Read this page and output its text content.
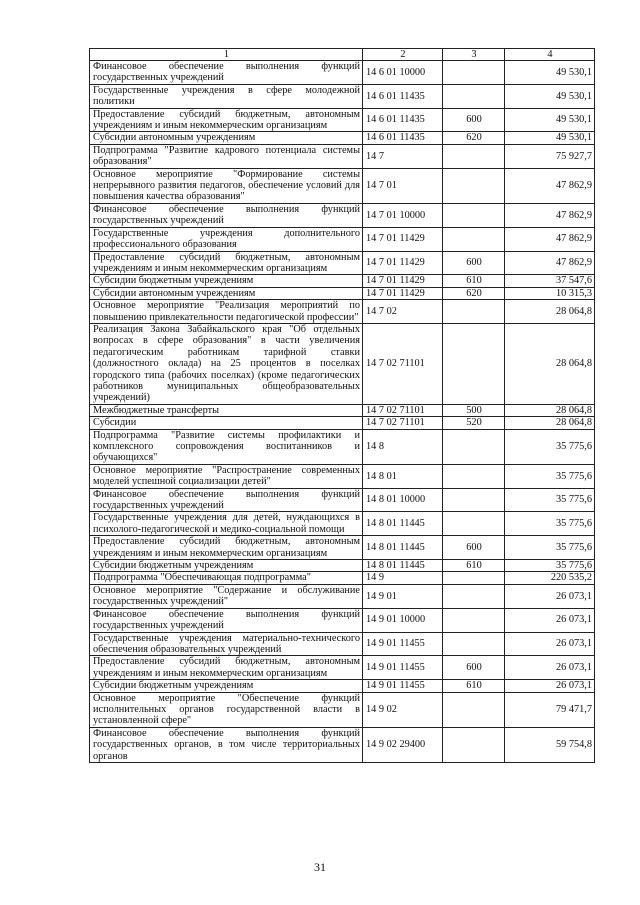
1	2	3	4
Финансовое обеспечение выполнения функций государственных учреждений	14 6 01 10000		49 530,1
Государственные учреждения в сфере молодежной политики	14 6 01 11435		49 530,1
Предоставление субсидий бюджетным, автономным учреждениям и иным некоммерческим организациям	14 6 01 11435	600	49 530,1
Субсидии автономным учреждениям	14 6 01 11435	620	49 530,1
Подпрограмма "Развитие кадрового потенциала системы образования"	14 7		75 927,7
Основное мероприятие "Формирование системы непрерывного развития педагогов, обеспечение условий для повышения качества образования"	14 7 01		47 862,9
Финансовое обеспечение выполнения функций государственных учреждений	14 7 01 10000		47 862,9
Государственные учреждения дополнительного профессионального образования	14 7 01 11429		47 862,9
Предоставление субсидий бюджетным, автономным учреждениям и иным некоммерческим организациям	14 7 01 11429	600	47 862,9
Субсидии бюджетным учреждениям	14 7 01 11429	610	37 547,6
Субсидии автономным учреждениям	14 7 01 11429	620	10 315,3
Основное мероприятие "Реализация мероприятий по повышению привлекательности педагогической профессии"	14 7 02		28 064,8
Реализация Закона Забайкальского края "Об отдельных вопросах в сфере образования" в части увеличения педагогическим работникам тарифной ставки (должностного оклада) на 25 процентов в поселках городского типа (рабочих поселках) (кроме педагогических работников муниципальных общеобразовательных учреждений)	14 7 02 71101		28 064,8
Межбюджетные трансферты	14 7 02 71101	500	28 064,8
Субсидии	14 7 02 71101	520	28 064,8
Подпрограмма "Развитие системы профилактики и комплексного сопровождения воспитанников и обучающихся"	14 8		35 775,6
Основное мероприятие "Распространение современных моделей успешной социализации детей"	14 8 01		35 775,6
Финансовое обеспечение выполнения функций государственных учреждений	14 8 01 10000		35 775,6
Государственные учреждения для детей, нуждающихся в психолого-педагогической и медико-социальной помощи	14 8 01 11445		35 775,6
Предоставление субсидий бюджетным, автономным учреждениям и иным некоммерческим организациям	14 8 01 11445	600	35 775,6
Субсидии бюджетным учреждениям	14 8 01 11445	610	35 775,6
Подпрограмма "Обеспечивающая подпрограмма"	14 9		220 535,2
Основное мероприятие "Содержание и обслуживание государственных учреждений"	14 9 01		26 073,1
Финансовое обеспечение выполнения функций государственных учреждений	14 9 01 10000		26 073,1
Государственные учреждения материально-технического обеспечения образовательных учреждений	14 9 01 11455		26 073,1
Предоставление субсидий бюджетным, автономным учреждениям и иным некоммерческим организациям	14 9 01 11455	600	26 073,1
Субсидии бюджетным учреждениям	14 9 01 11455	610	26 073,1
Основное мероприятие "Обеспечение функций исполнительных органов государственной власти в установленной сфере"	14 9 02		79 471,7
Финансовое обеспечение выполнения функций государственных органов, в том числе территориальных органов	14 9 02 29400		59 754,8
31
